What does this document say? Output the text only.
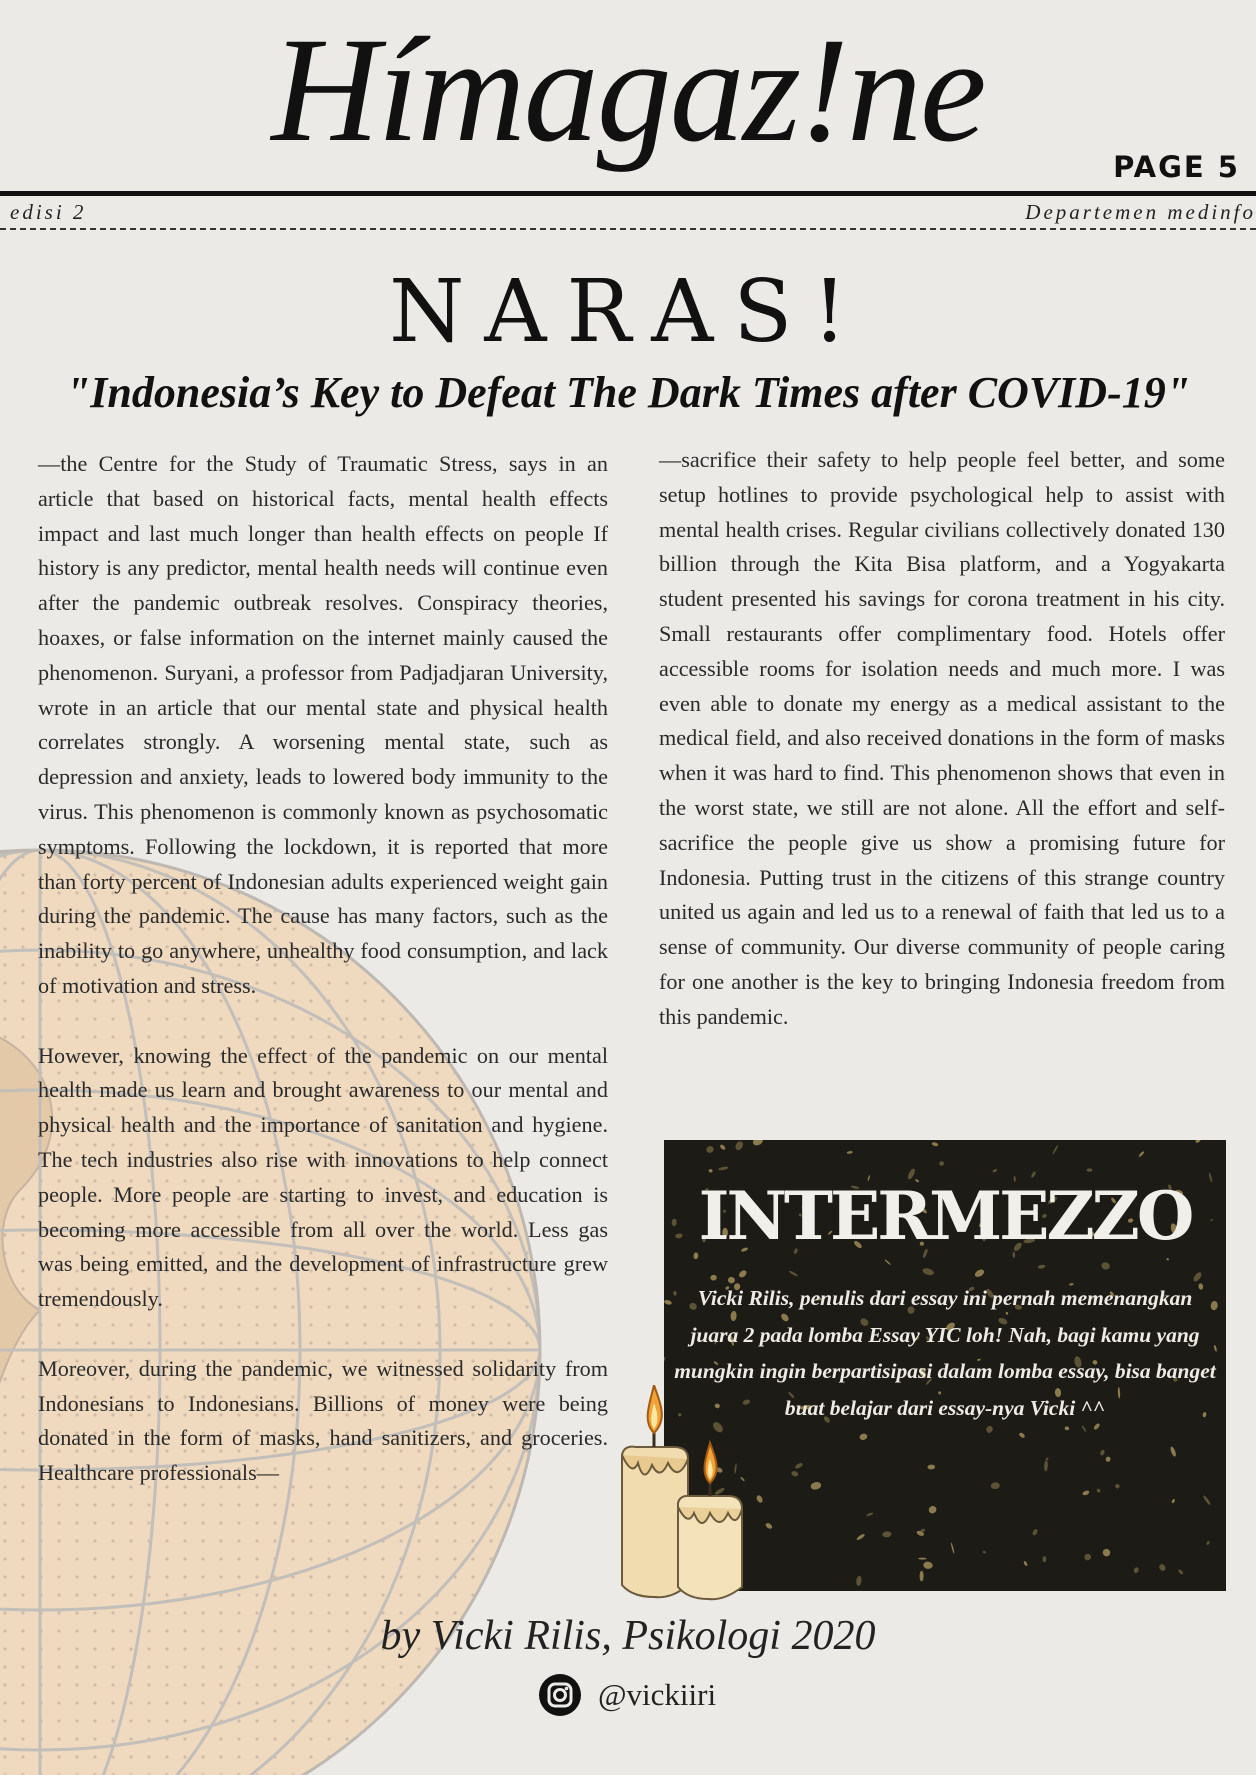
Hímagaz!ne	PAGE 5
edisi 2	Departemen medinfo
NARAS!
"Indonesia’s Key to Defeat The Dark Times after COVID-19"

—the Centre for the Study of Traumatic Stress, says in an article that based on historical facts, mental health effects impact and last much longer than health effects on people If history is any predictor, mental health needs will continue even after the pandemic outbreak resolves. Conspiracy theories, hoaxes, or false information on the internet mainly caused the phenomenon. Suryani, a professor from Padjadjaran University, wrote in an article that our mental state and physical health correlates strongly. A worsening mental state, such as depression and anxiety, leads to lowered body immunity to the virus. This phenomenon is commonly known as psychosomatic symptoms. Following the lockdown, it is reported that more than forty percent of Indonesian adults experienced weight gain during the pandemic. The cause has many factors, such as the inability to go anywhere, unhealthy food consumption, and lack of motivation and stress.

However, knowing the effect of the pandemic on our mental health made us learn and brought awareness to our mental and physical health and the importance of sanitation and hygiene. The tech industries also rise with innovations to help connect people. More people are starting to invest, and education is becoming more accessible from all over the world. Less gas was being emitted, and the development of infrastructure grew tremendously.

Moreover, during the pandemic, we witnessed solidarity from Indonesians to Indonesians. Billions of money were being donated in the form of masks, hand sanitizers, and groceries. Healthcare professionals—

—sacrifice their safety to help people feel better, and some setup hotlines to provide psychological help to assist with mental health crises. Regular civilians collectively donated 130 billion through the Kita Bisa platform, and a Yogyakarta student presented his savings for corona treatment in his city. Small restaurants offer complimentary food. Hotels offer accessible rooms for isolation needs and much more. I was even able to donate my energy as a medical assistant to the medical field, and also received donations in the form of masks when it was hard to find. This phenomenon shows that even in the worst state, we still are not alone. All the effort and self-sacrifice the people give us show a promising future for Indonesia. Putting trust in the citizens of this strange country united us again and led us to a renewal of faith that led us to a sense of community. Our diverse community of people caring for one another is the key to bringing Indonesia freedom from this pandemic.

INTERMEZZO
Vicki Rilis, penulis dari essay ini pernah memenangkan juara 2 pada lomba Essay YIC loh! Nah, bagi kamu yang mungkin ingin berpartisipasi dalam lomba essay, bisa banget buat belajar dari essay-nya Vicki ^^
by Vicki Rilis, Psikologi 2020
@vickiiri
